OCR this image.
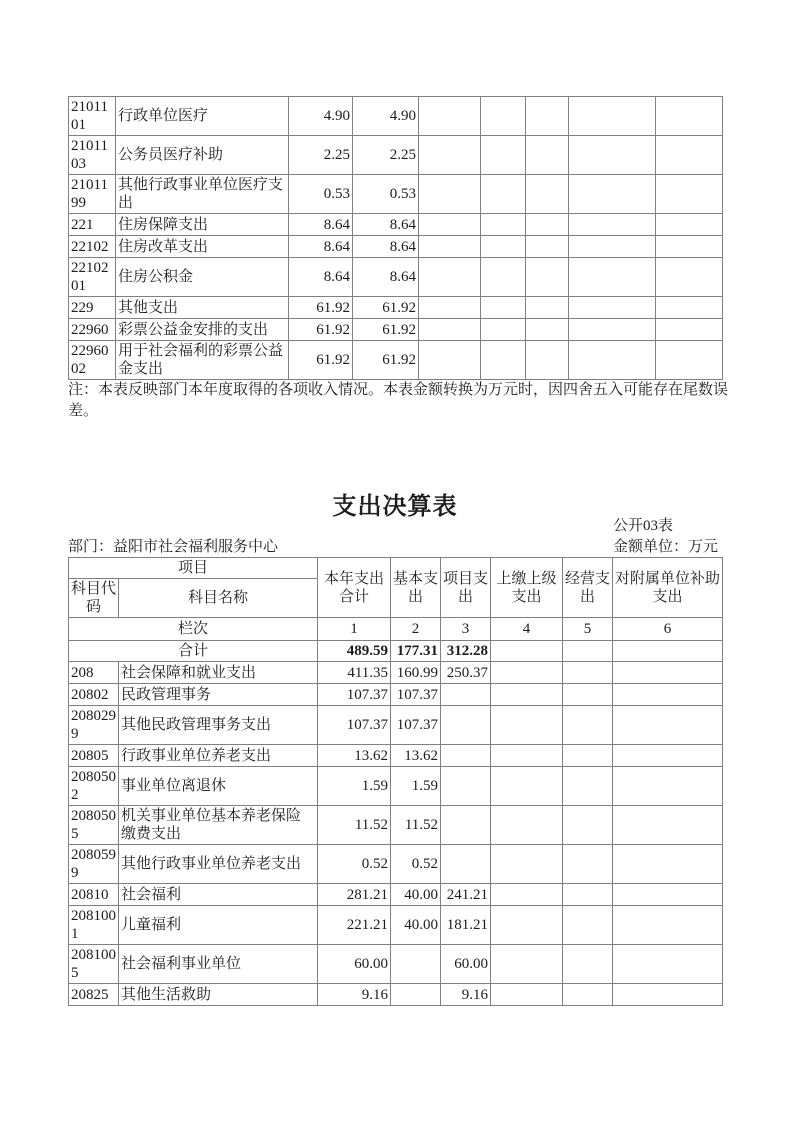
2101101	行政单位医疗	4.90	4.90					
2101103	公务员医疗补助	2.25	2.25					
2101199	其他行政事业单位医疗支出	0.53	0.53					
221	住房保障支出	8.64	8.64					
22102	住房改革支出	8.64	8.64					
2210201	住房公积金	8.64	8.64					
229	其他支出	61.92	61.92					
22960	彩票公益金安排的支出	61.92	61.92					
2296002	用于社会福利的彩票公益金支出	61.92	61.92					
注：本表反映部门本年度取得的各项收入情况。本表金额转换为万元时，因四舍五入可能存在尾数误差。
支出决算表
公开03表
部门：益阳市社会福利服务中心	金额单位：万元
项目		本年支出合计	基本支出	项目支出	上缴上级支出	经营支出	对附属单位补助支出
科目代码	科目名称						
栏次		1	2	3	4	5	6
合计		489.59	177.31	312.28			
208	社会保障和就业支出	411.35	160.99	250.37			
20802	民政管理事务	107.37	107.37				
2080299	其他民政管理事务支出	107.37	107.37				
20805	行政事业单位养老支出	13.62	13.62				
2080502	事业单位离退休	1.59	1.59				
2080505	机关事业单位基本养老保险缴费支出	11.52	11.52				
2080599	其他行政事业单位养老支出	0.52	0.52				
20810	社会福利	281.21	40.00	241.21			
2081001	儿童福利	221.21	40.00	181.21			
2081005	社会福利事业单位	60.00		60.00			
20825	其他生活救助	9.16		9.16			
